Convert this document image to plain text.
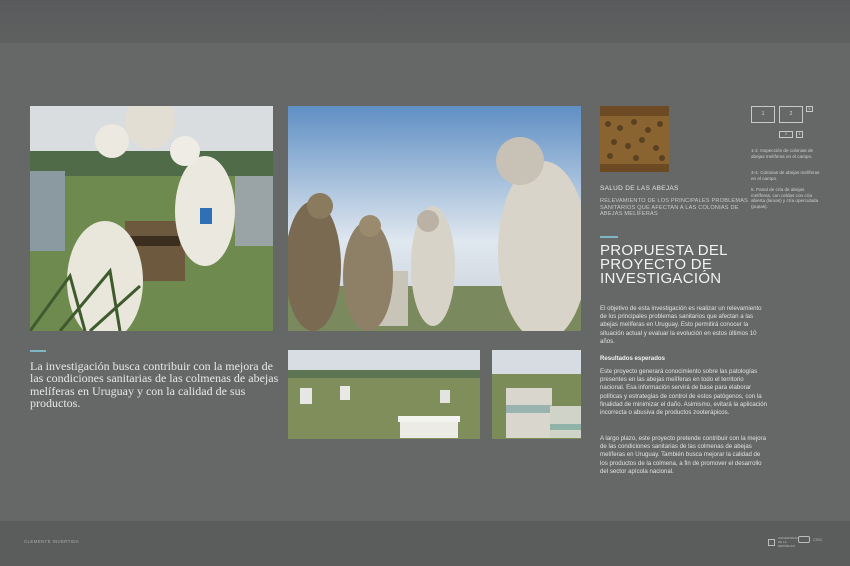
La investigación busca contribuir con la mejora de las condiciones sanitarias de las colmenas de abejas melíferas en Uruguay y con la calidad de sus productos.
SALUD DE LAS ABEJAS
RELEVAMIENTO DE LOS PRINCIPALES PROBLEMAS SANITARIOS QUE AFECTAN A LAS COLONIAS DE ABEJAS MELÍFERAS
PROPUESTA DEL PROYECTO DE INVESTIGACIÓN
El objetivo de esta investigación es realizar un relevamiento de los principales problemas sanitarios que afectan a las abejas melíferas en Uruguay. Esto permitirá conocer la situación actual y evaluar la evolución en estos últimos 10 años.
Resultados esperados
Este proyecto generará conocimiento sobre las patologías presentes en las abejas melíferas en todo el territorio nacional. Esa información servirá de base para elaborar políticas y estrategias de control de estos patógenos, con la finalidad de minimizar el daño. Asimismo, evitará la aplicación incorrecta o abusiva de productos zooterápicos.
A largo plazo, este proyecto pretende contribuir con la mejora de las condiciones sanitarias de las colmenas de abejas melíferas en Uruguay. También busca mejorar la calidad de los productos de la colmena, a fin de promover el desarrollo del sector apícola nacional.
1	2
5
3	4
1-2. Inspección de colonias de abejas melíferas en el campo.
3-4. Colonias de abejas melíferas en el campo.
5. Panal de cría de abejas melíferas, con celdas con cría abierta (larvas) y cría operculada (pupas).
CLEMENTE INVERTIDA
UNIVERSIDAD DE LA REPÚBLICA
CSIC
